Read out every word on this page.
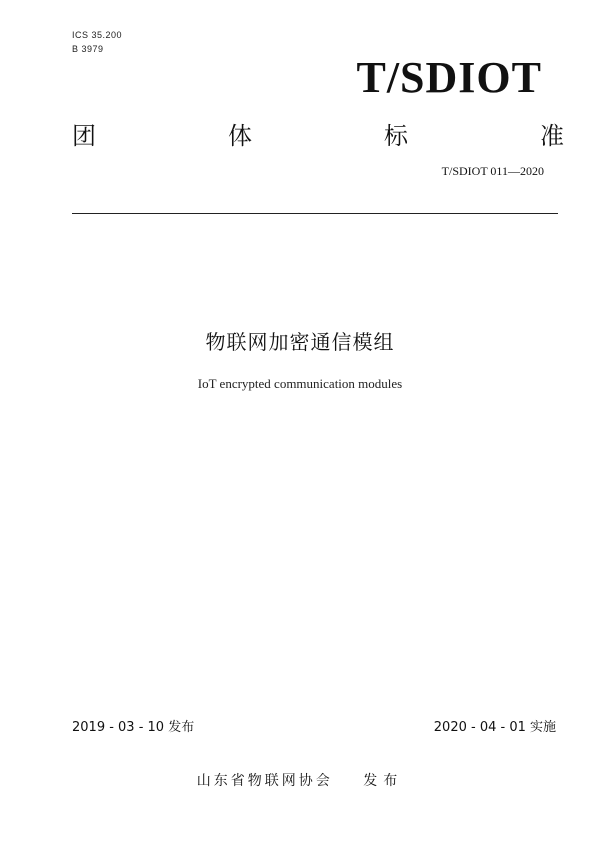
ICS 35.200
B 3979
T/SDIOT
团	体	标	准
T/SDIOT 011—2020
物联网加密通信模组
IoT encrypted communication modules
2019 - 03 - 10 发布	2020 - 04 - 01 实施
山东省物联网协会 发布
